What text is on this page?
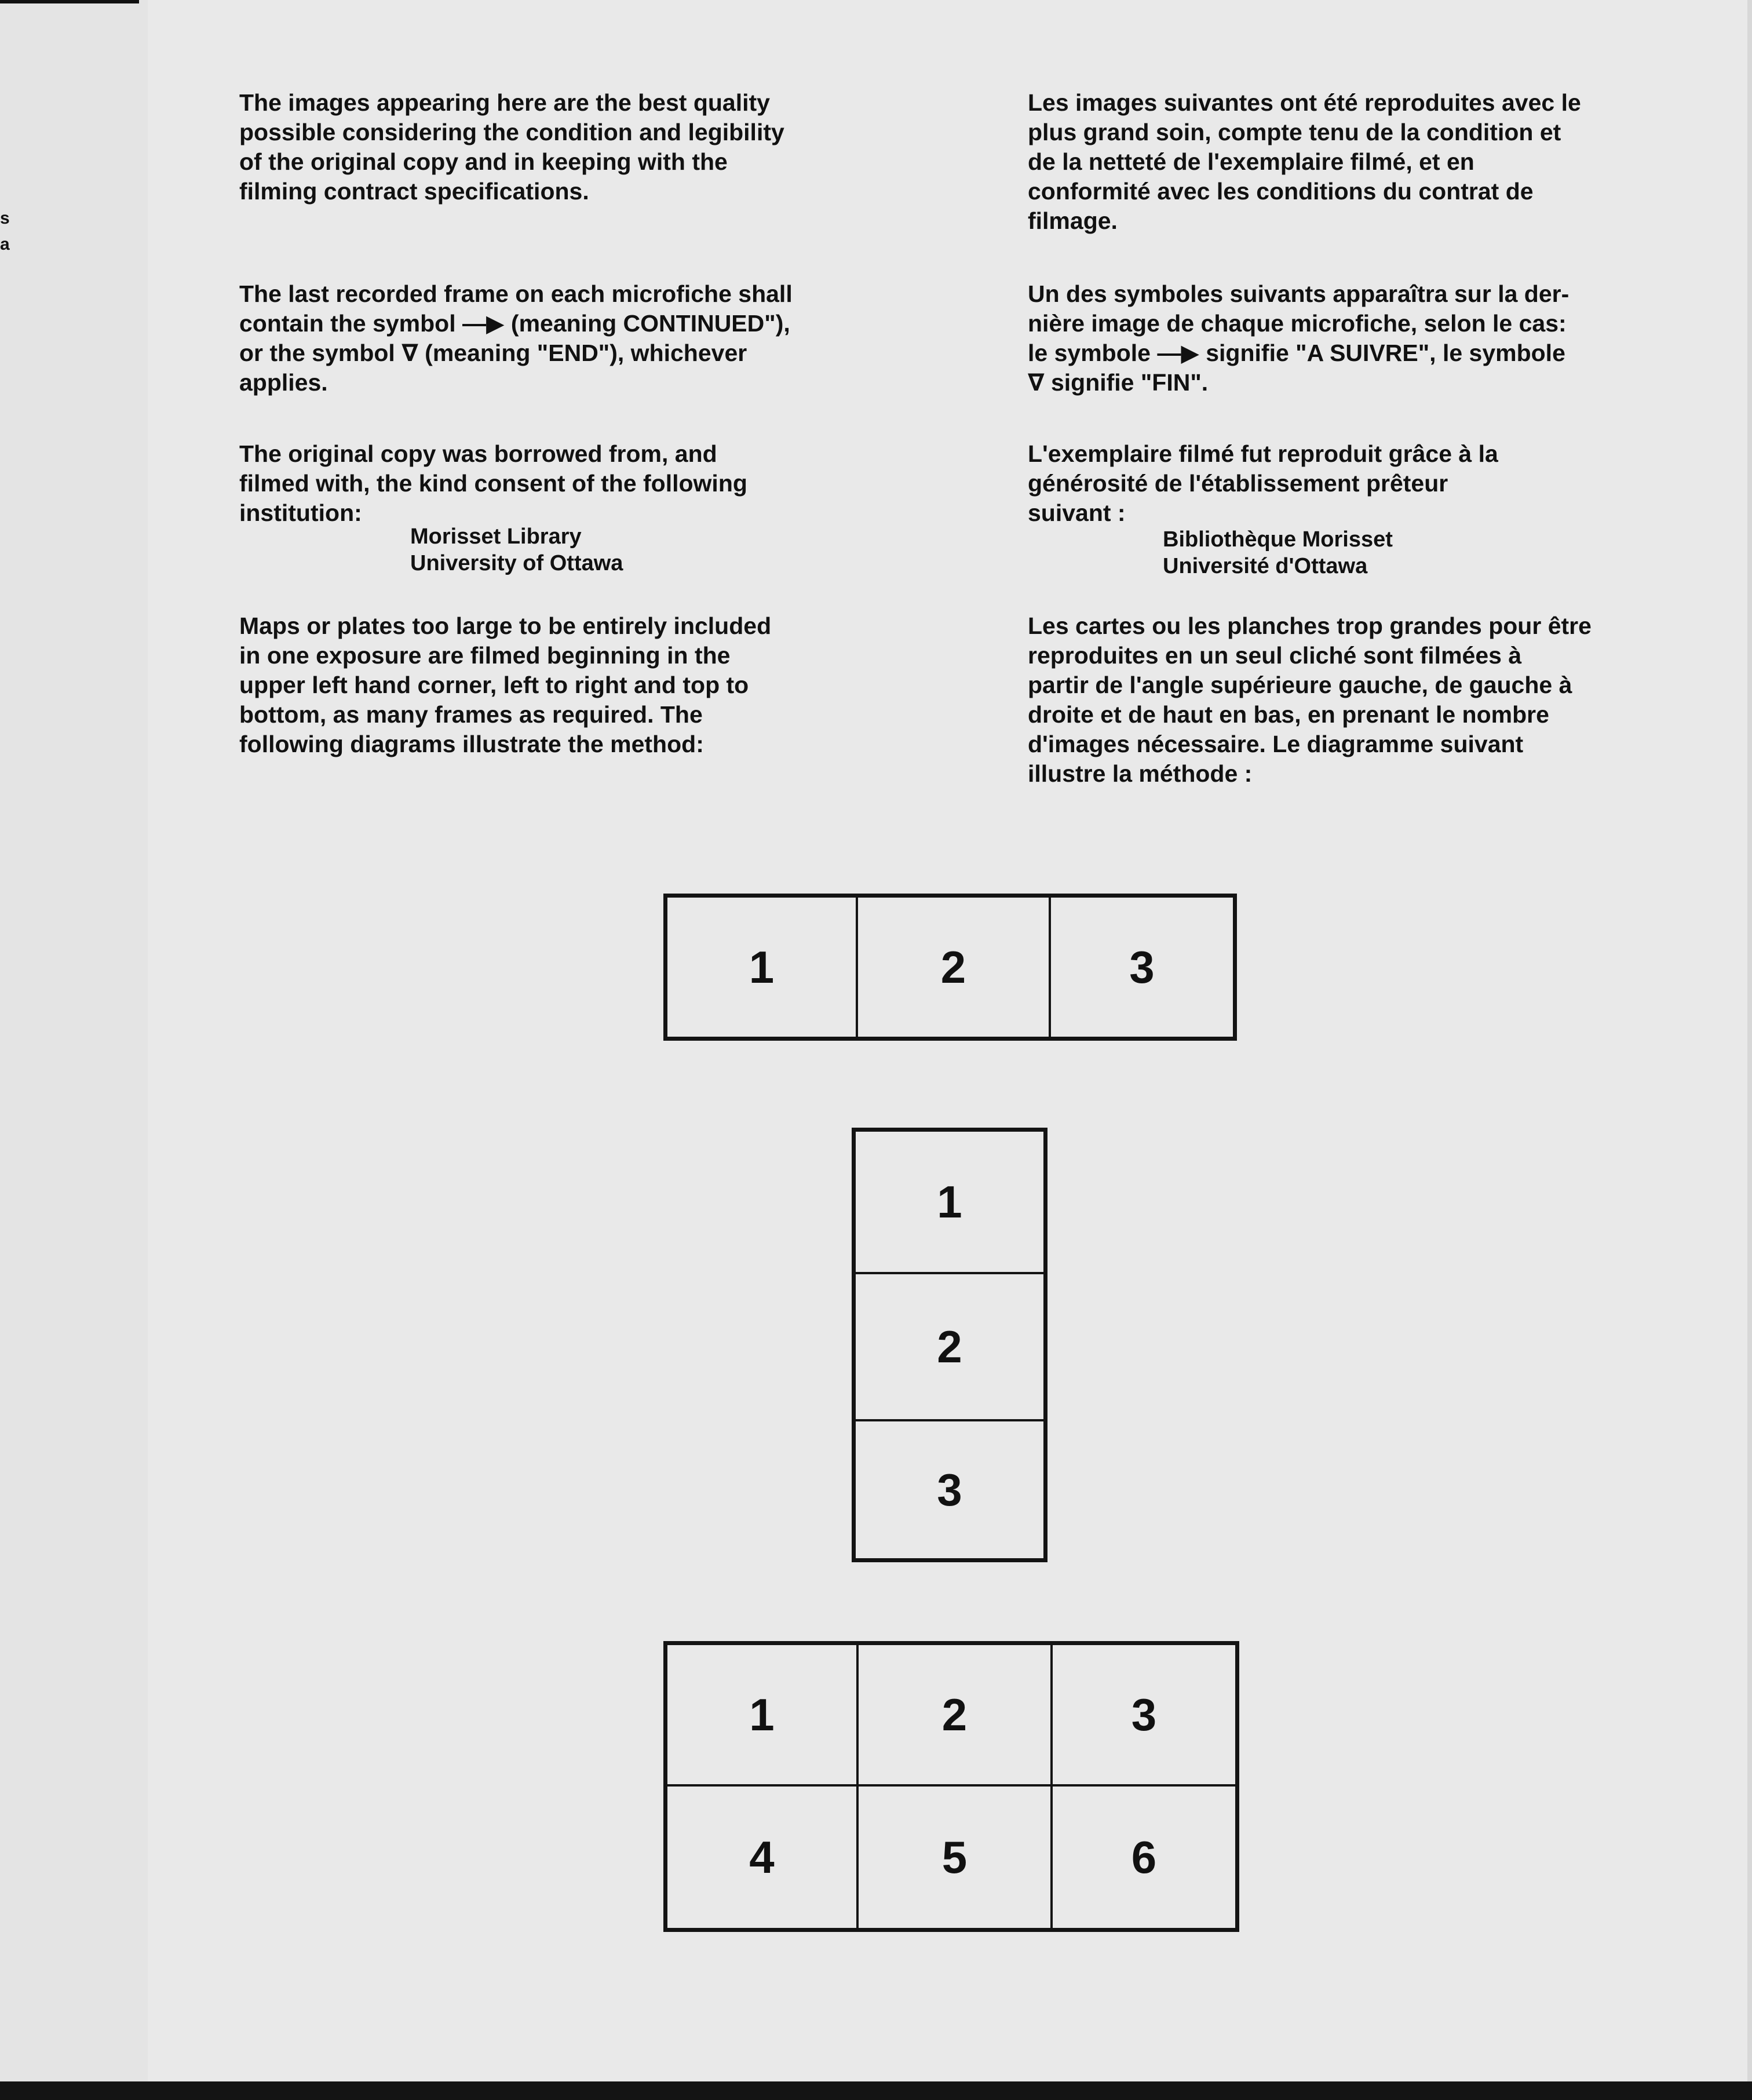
s
a

The images appearing here are the best quality
possible considering the condition and legibility
of the original copy and in keeping with the
filming contract specifications.

The last recorded frame on each microfiche shall
contain the symbol —▶ (meaning CONTINUED"),
or the symbol ∇ (meaning "END"), whichever
applies.

The original copy was borrowed from, and
filmed with, the kind consent of the following
institution:

Morisset Library
University of Ottawa

Maps or plates too large to be entirely included
in one exposure are filmed beginning in the
upper left hand corner, left to right and top to
bottom, as many frames as required. The
following diagrams illustrate the method:

Les images suivantes ont été reproduites avec le
plus grand soin, compte tenu de la condition et
de la netteté de l'exemplaire filmé, et en
conformité avec les conditions du contrat de
filmage.

Un des symboles suivants apparaîtra sur la der-
nière image de chaque microfiche, selon le cas:
le symbole —▶ signifie "A SUIVRE", le symbole
∇ signifie "FIN".

L'exemplaire filmé fut reproduit grâce à la
générosité de l'établissement prêteur
suivant :

Bibliothèque Morisset
Université d'Ottawa

Les cartes ou les planches trop grandes pour être
reproduites en un seul cliché sont filmées à
partir de l'angle supérieure gauche, de gauche à
droite et de haut en bas, en prenant le nombre
d'images nécessaire. Le diagramme suivant
illustre la méthode :

1	2	3
1
2
3
1	2	3
4	5	6
